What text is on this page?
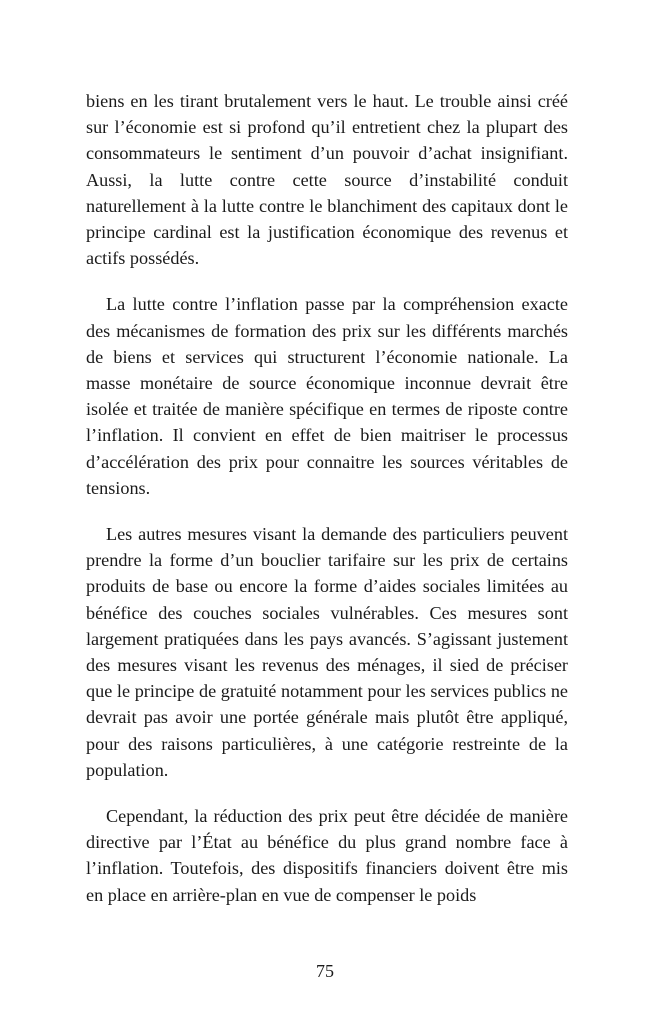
biens en les tirant brutalement vers le haut. Le trouble ainsi créé sur l’économie est si profond qu’il entretient chez la plupart des consommateurs le sentiment d’un pouvoir d’achat insignifiant. Aussi, la lutte contre cette source d’instabilité conduit naturellement à la lutte contre le blanchiment des capitaux dont le principe cardinal est la justification économique des revenus et actifs possédés.

La lutte contre l’inflation passe par la compréhension exacte des mécanismes de formation des prix sur les différents marchés de biens et services qui structurent l’économie nationale. La masse monétaire de source économique inconnue devrait être isolée et traitée de manière spécifique en termes de riposte contre l’inflation. Il convient en effet de bien maitriser le processus d’accélération des prix pour connaitre les sources véritables de tensions.

Les autres mesures visant la demande des particuliers peuvent prendre la forme d’un bouclier tarifaire sur les prix de certains produits de base ou encore la forme d’aides sociales limitées au bénéfice des couches sociales vulnérables. Ces mesures sont largement pratiquées dans les pays avancés. S’agissant justement des mesures visant les revenus des ménages, il sied de préciser que le principe de gratuité notamment pour les services publics ne devrait pas avoir une portée générale mais plutôt être appliqué, pour des raisons particulières, à une catégorie restreinte de la population.

Cependant, la réduction des prix peut être décidée de manière directive par l’État au bénéfice du plus grand nombre face à l’inflation. Toutefois, des dispositifs financiers doivent être mis en place en arrière-plan en vue de compenser le poids

75
